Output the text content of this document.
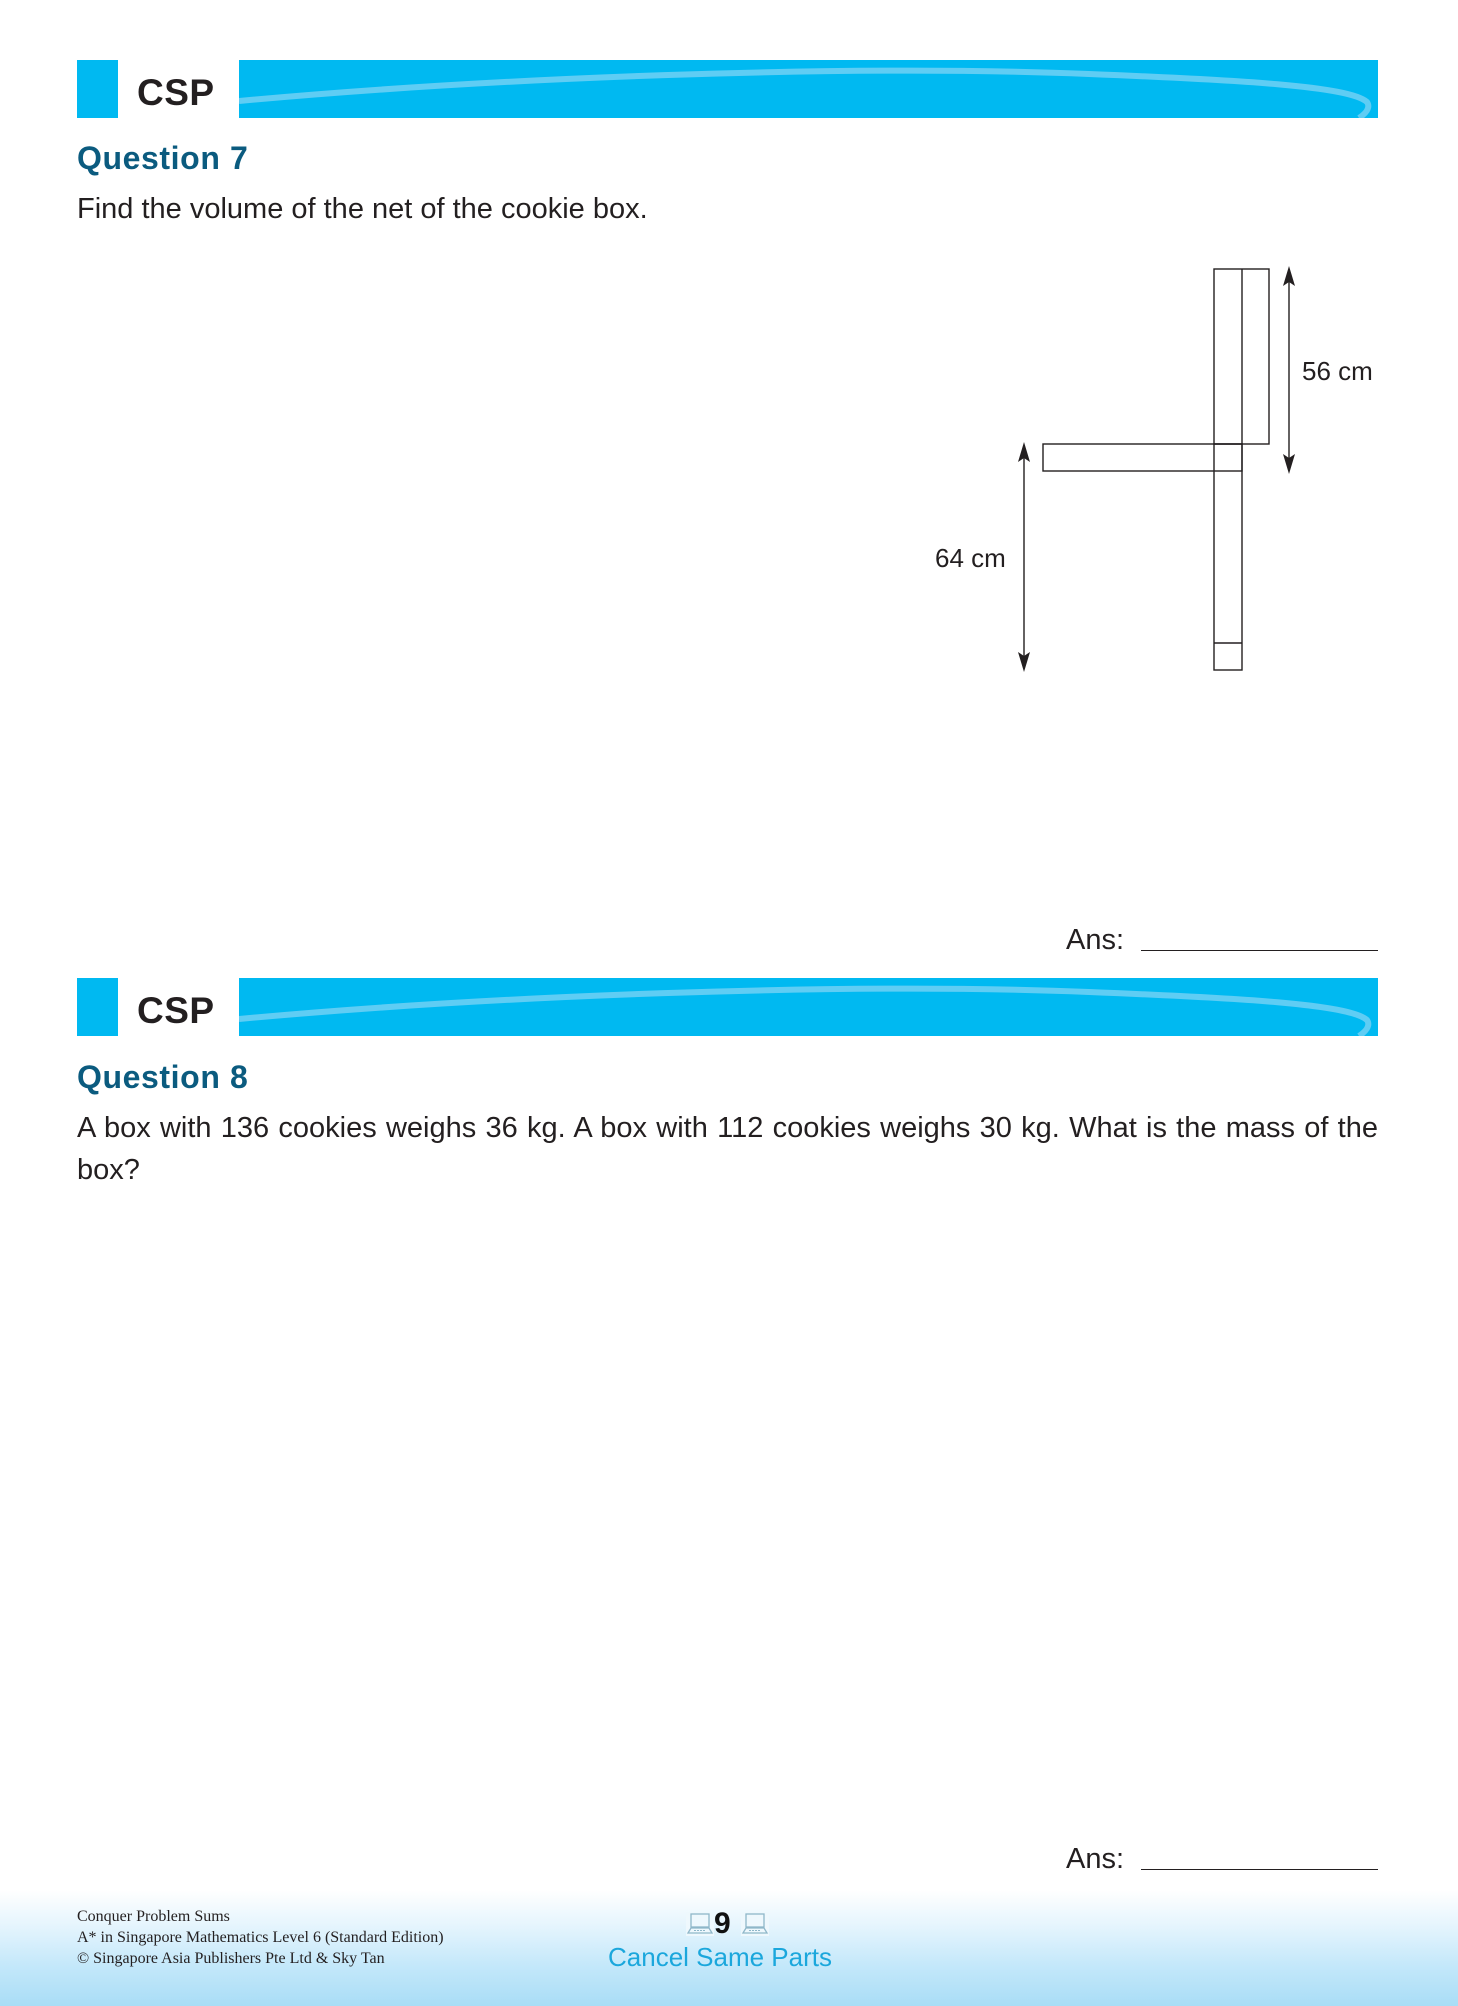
CSP
Question 7
Find the volume of the net of the cookie box.
56 cm
64 cm
Ans:
CSP
Question 8
A box with 136 cookies weighs 36 kg. A box with 112 cookies weighs 30 kg. What is the mass of the box?
Ans:
Conquer Problem Sums
A* in Singapore Mathematics Level 6 (Standard Edition)
© Singapore Asia Publishers Pte Ltd & Sky Tan
9
Cancel Same Parts
